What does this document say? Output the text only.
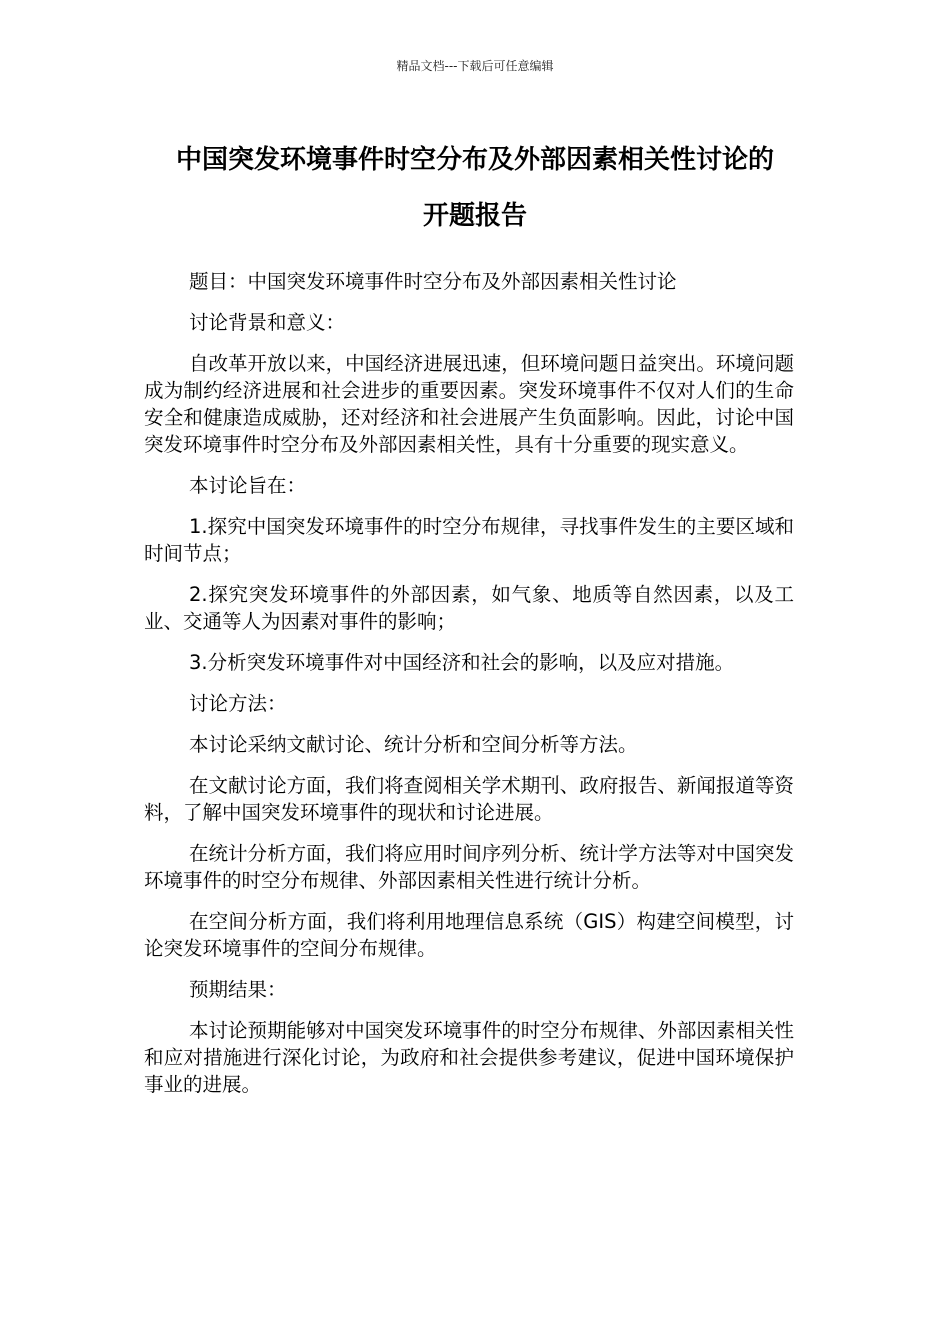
精品文档---下载后可任意编辑
中国突发环境事件时空分布及外部因素相关性讨论的
开题报告

题目：中国突发环境事件时空分布及外部因素相关性讨论

讨论背景和意义：

自改革开放以来，中国经济进展迅速，但环境问题日益突出。环境问题成为制约经济进展和社会进步的重要因素。突发环境事件不仅对人们的生命安全和健康造成威胁，还对经济和社会进展产生负面影响。因此，讨论中国突发环境事件时空分布及外部因素相关性，具有十分重要的现实意义。

本讨论旨在：

1.探究中国突发环境事件的时空分布规律，寻找事件发生的主要区域和时间节点；

2.探究突发环境事件的外部因素，如气象、地质等自然因素，以及工业、交通等人为因素对事件的影响；

3.分析突发环境事件对中国经济和社会的影响，以及应对措施。

讨论方法：

本讨论采纳文献讨论、统计分析和空间分析等方法。

在文献讨论方面，我们将查阅相关学术期刊、政府报告、新闻报道等资料，了解中国突发环境事件的现状和讨论进展。

在统计分析方面，我们将应用时间序列分析、统计学方法等对中国突发环境事件的时空分布规律、外部因素相关性进行统计分析。

在空间分析方面，我们将利用地理信息系统（GIS）构建空间模型，讨论突发环境事件的空间分布规律。

预期结果：

本讨论预期能够对中国突发环境事件的时空分布规律、外部因素相关性和应对措施进行深化讨论，为政府和社会提供参考建议，促进中国环境保护事业的进展。
